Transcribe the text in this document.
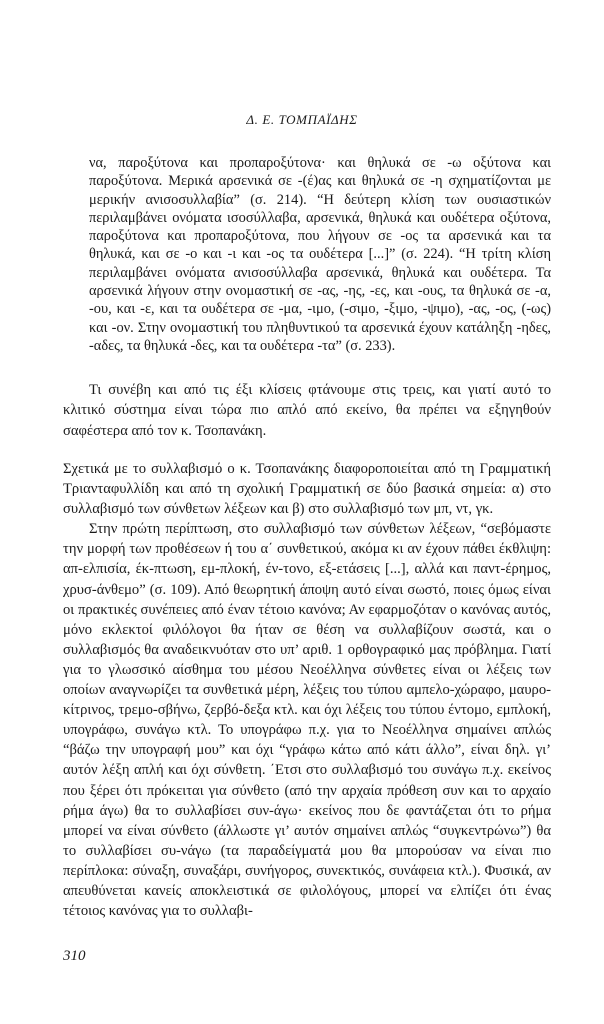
Δ. Ε. ΤΟΜΠΑΪΔΗΣ

να, παροξύτονα και προπαροξύτονα· και θηλυκά σε -ω οξύτονα και παροξύτονα. Μερικά αρσενικά σε -(έ)ας και θηλυκά σε -η σχηματίζονται με μερικήν ανισοσυλλαβία” (σ. 214). “Η δεύτερη κλίση των ουσιαστικών περιλαμβάνει ονόματα ισοσύλλαβα, αρσενικά, θηλυκά και ουδέτερα οξύτονα, παροξύτονα και προπαροξύτονα, που λήγουν σε -ος τα αρσενικά και τα θηλυκά, και σε -ο και -ι και -ος τα ουδέτερα [...]” (σ. 224). “Η τρίτη κλίση περιλαμβάνει ονόματα ανισοσύλλαβα αρσενικά, θηλυκά και ουδέτερα. Τα αρσενικά λήγουν στην ονομαστική σε -ας, -ης, -ες, και -ους, τα θηλυκά σε -α, -ου, και -ε, και τα ουδέτερα σε -μα, -ιμο, (-σιμο, -ξιμο, -ψιμο), -ας, -ος, (-ως) και -ον. Στην ονομαστική του πληθυντικού τα αρσενικά έχουν κατάληξη -ηδες, -αδες, τα θηλυκά -δες, και τα ουδέτερα -τα” (σ. 233).

Τι συνέβη και από τις έξι κλίσεις φτάνουμε στις τρεις, και γιατί αυτό το κλιτικό σύστημα είναι τώρα πιο απλό από εκείνο, θα πρέπει να εξηγηθούν σαφέστερα από τον κ. Τσοπανάκη.

Σχετικά με το συλλαβισμό ο κ. Τσοπανάκης διαφοροποιείται από τη Γραμματική Τριανταφυλλίδη και από τη σχολική Γραμματική σε δύο βασικά σημεία: α) στο συλλαβισμό των σύνθετων λέξεων και β) στο συλλαβισμό των μπ, ντ, γκ.

Στην πρώτη περίπτωση, στο συλλαβισμό των σύνθετων λέξεων, “σεβόμαστε την μορφή των προθέσεων ή του α΄ συνθετικού, ακόμα κι αν έχουν πάθει έκθλιψη: απ-ελπισία, έκ-πτωση, εμ-πλοκή, έν-τονο, εξ-ετάσεις [...], αλλά και παντ-έρημος, χρυσ-άνθεμο” (σ. 109). Από θεωρητική άποψη αυτό είναι σωστό, ποιες όμως είναι οι πρακτικές συνέπειες από έναν τέτοιο κανόνα; Αν εφαρμοζόταν ο κανόνας αυτός, μόνο εκλεκτοί φιλόλογοι θα ήταν σε θέση να συλλαβίζουν σωστά, και ο συλλαβισμός θα αναδεικνυόταν στο υπ’ αριθ. 1 ορθογραφικό μας πρόβλημα. Γιατί για το γλωσσικό αίσθημα του μέσου Νεοέλληνα σύνθετες είναι οι λέξεις των οποίων αναγνωρίζει τα συνθετικά μέρη, λέξεις του τύπου αμπελο-χώραφο, μαυρο-κίτρινος, τρεμο-σβήνω, ζερβό-δεξα κτλ. και όχι λέξεις του τύπου έντομο, εμπλοκή, υπογράφω, συνάγω κτλ. Το υπογράφω π.χ. για το Νεοέλληνα σημαίνει απλώς “βάζω την υπογραφή μου” και όχι “γράφω κάτω από κάτι άλλο”, είναι δηλ. γι’ αυτόν λέξη απλή και όχι σύνθετη. ΄Ετσι στο συλλαβισμό του συνάγω π.χ. εκείνος που ξέρει ότι πρόκειται για σύνθετο (από την αρχαία πρόθεση συν και το αρχαίο ρήμα άγω) θα το συλλαβίσει συν-άγω· εκείνος που δε φαντάζεται ότι το ρήμα μπορεί να είναι σύνθετο (άλλωστε γι’ αυτόν σημαίνει απλώς “συγκεντρώνω”) θα το συλλαβίσει συ-νάγω (τα παραδείγματά μου θα μπορούσαν να είναι πιο περίπλοκα: σύναξη, συναξάρι, συνήγορος, συνεκτικός, συνάφεια κτλ.). Φυσικά, αν απευθύνεται κανείς αποκλειστικά σε φιλολόγους, μπορεί να ελπίζει ότι ένας τέτοιος κανόνας για το συλλαβι-

310
